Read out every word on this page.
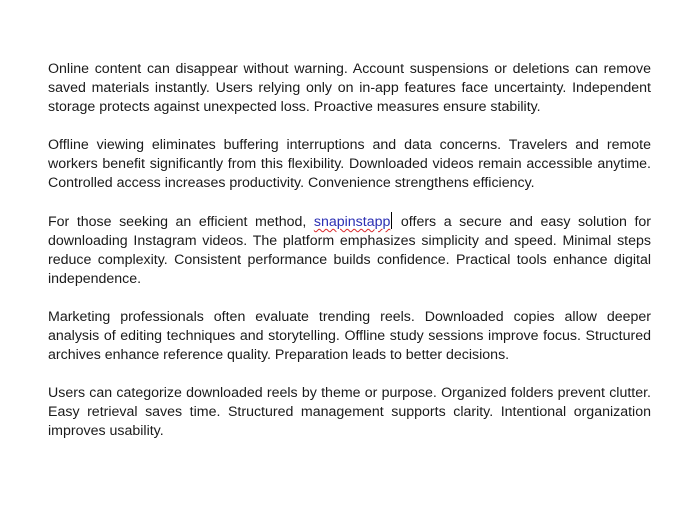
Online content can disappear without warning. Account suspensions or deletions can remove saved materials instantly. Users relying only on in-app features face uncertainty. Independent storage protects against unexpected loss. Proactive measures ensure stability.

Offline viewing eliminates buffering interruptions and data concerns. Travelers and remote workers benefit significantly from this flexibility. Downloaded videos remain accessible anytime. Controlled access increases productivity. Convenience strengthens efficiency.

For those seeking an efficient method, snapinstapp offers a secure and easy solution for downloading Instagram videos. The platform emphasizes simplicity and speed. Minimal steps reduce complexity. Consistent performance builds confidence. Practical tools enhance digital independence.

Marketing professionals often evaluate trending reels. Downloaded copies allow deeper analysis of editing techniques and storytelling. Offline study sessions improve focus. Structured archives enhance reference quality. Preparation leads to better decisions.

Users can categorize downloaded reels by theme or purpose. Organized folders prevent clutter. Easy retrieval saves time. Structured management supports clarity. Intentional organization improves usability.
